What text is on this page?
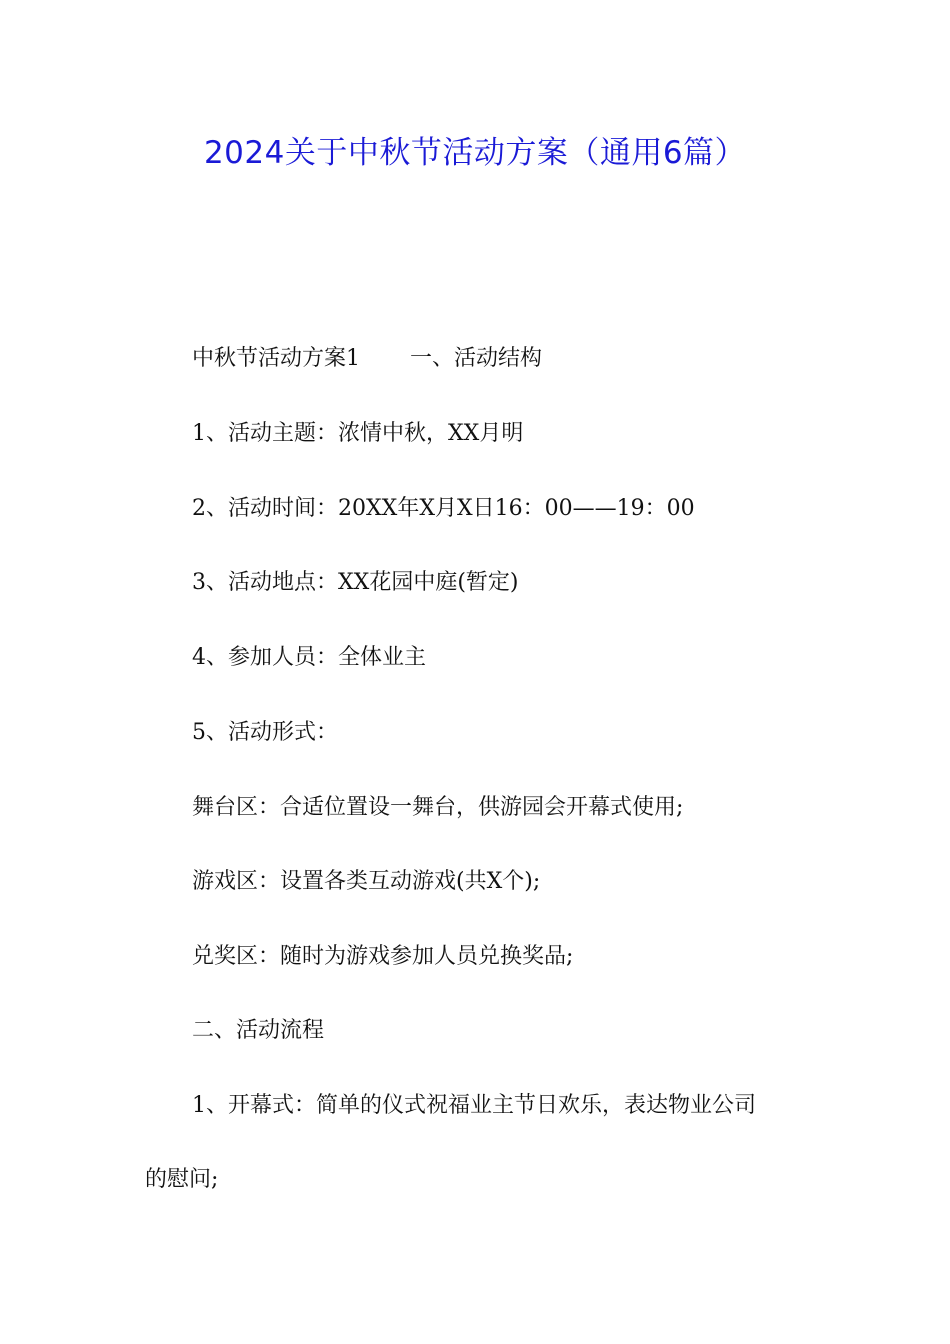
2024关于中秋节活动方案（通用6篇）

中秋节活动方案1 一、活动结构

1、活动主题：浓情中秋，XX月明

2、活动时间：20XX年X月X日16：00——19：00

3、活动地点：XX花园中庭(暂定)

4、参加人员：全体业主

5、活动形式：

舞台区：合适位置设一舞台，供游园会开幕式使用;

游戏区：设置各类互动游戏(共X个);

兑奖区：随时为游戏参加人员兑换奖品;

二、活动流程

1、开幕式：简单的仪式祝福业主节日欢乐，表达物业公司

的慰问;
